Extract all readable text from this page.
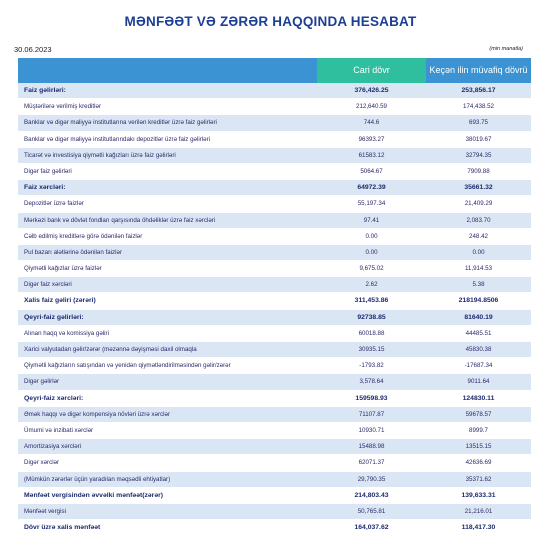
MƏNFƏƏT VƏ ZƏRƏR HAQQINDA HESABAT
30.06.2023	(min manatla)
Cari dövr	Keçən ilin müvafiq dövrü
Faiz gəlirləri:	376,426.25	253,856.17
Müştərilərə verilmiş kreditlər	212,640.59	174,438.52
Banklar və digər maliyyə institutlarına verilən kreditlər üzrə faiz gəlirləri	744.6	693.75
Banklar və digər maliyyə institutlarındakı depozitlər üzrə faiz gəlirləri	96393.27	38019.67
Ticarət və investisiya qiymətli kağızları üzrə faiz gəlirləri	61583.12	32794.35
Digər faiz gəlirləri	5064.67	7909.88
Faiz xərcləri:	64972.39	35661.32
Depozitlər üzrə faizlər	55,197.34	21,409.29
Mərkəzi bank və dövlət fondları qarşısında öhdəliklər üzrə faiz xərcləri	97.41	2,083.70
Cəlb edilmiş kreditlərə görə ödənilən faizlər	0.00	248.42
Pul bazarı alətlərinə ödənilən faizlər	0.00	0.00
Qiymətli kağızlar üzrə faizlər	9,675.02	11,914.53
Digər faiz xərcləri	2.62	5.38
Xalis faiz gəliri (zərəri)	311,453.86	218194.8506
Qeyri-faiz gəlirləri:	92738.85	81640.19
Alınan haqq və komissiya gəliri	60018.88	44485.51
Xarici valyutadan gəlir/zərər (məzənnə dəyişməsi daxil olmaqla	30935.15	45830.38
Qiymətli kağızların satışından və yenidən qiymətləndirilməsindən gəlir/zərər	-1793.82	-17687.34
Digər gəlirlər	3,578.64	9011.64
Qeyri-faiz xərcləri:	159598.93	124830.11
Əmək haqqı və digər kompensiya növləri üzrə xərclər	71107.87	59678.57
Ümumi və inzibati xərclər	10930.71	8999.7
Amortizasiya xərcləri	15488.98	13515.15
Digər xərclər	62071.37	42636.69
(Mümkün zərərlər üçün yaradılan məqsədli ehtiyatlar)	29,790.35	35371.62
Mənfəət vergisindən əvvəlki mənfəət(zərər)	214,803.43	139,633.31
Mənfəət vergisi	50,765.81	21,216.01
Dövr üzrə xalis mənfəət	164,037.62	118,417.30
